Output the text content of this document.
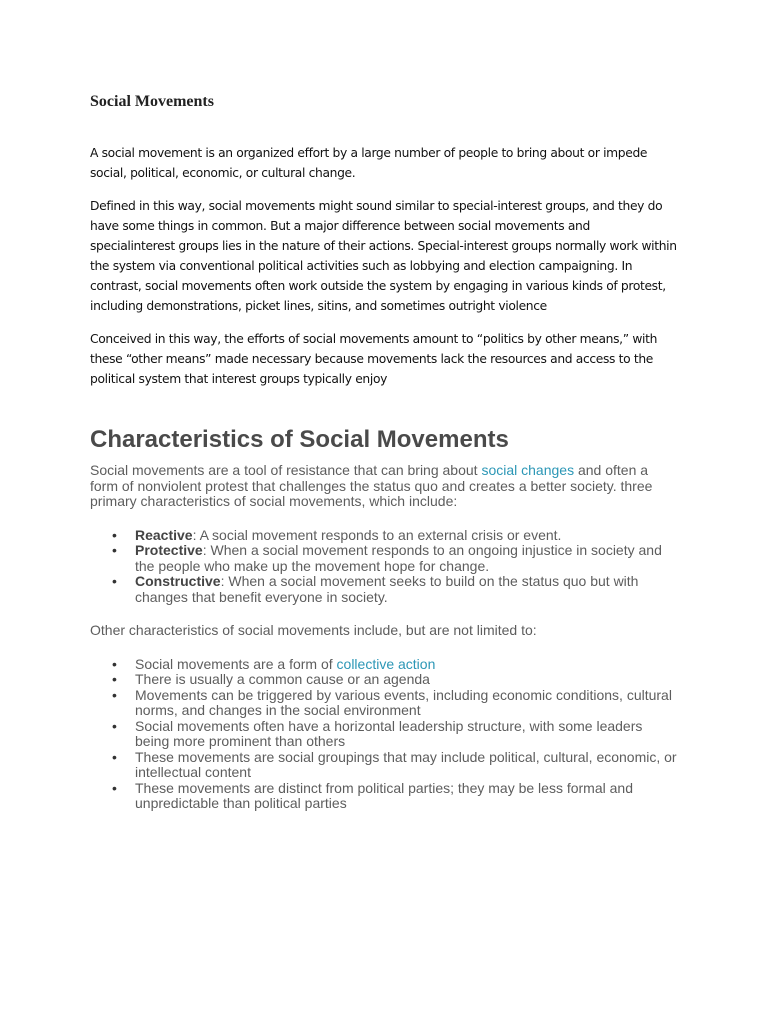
Social Movements

A social movement is an organized effort by a large number of people to bring about or impede social, political, economic, or cultural change.

Defined in this way, social movements might sound similar to special-interest groups, and they do have some things in common. But a major difference between social movements and specialinterest groups lies in the nature of their actions. Special-interest groups normally work within the system via conventional political activities such as lobbying and election campaigning. In contrast, social movements often work outside the system by engaging in various kinds of protest, including demonstrations, picket lines, sitins, and sometimes outright violence

Conceived in this way, the efforts of social movements amount to “politics by other means,” with these “other means” made necessary because movements lack the resources and access to the political system that interest groups typically enjoy

Characteristics of Social Movements

Social movements are a tool of resistance that can bring about social changes and often a form of nonviolent protest that challenges the status quo and creates a better society. three primary characteristics of social movements, which include:

• Reactive: A social movement responds to an external crisis or event.
• Protective: When a social movement responds to an ongoing injustice in society and the people who make up the movement hope for change.
• Constructive: When a social movement seeks to build on the status quo but with changes that benefit everyone in society.

Other characteristics of social movements include, but are not limited to:

• Social movements are a form of collective action
• There is usually a common cause or an agenda
• Movements can be triggered by various events, including economic conditions, cultural norms, and changes in the social environment
• Social movements often have a horizontal leadership structure, with some leaders being more prominent than others
• These movements are social groupings that may include political, cultural, economic, or intellectual content
• These movements are distinct from political parties; they may be less formal and unpredictable than political parties
